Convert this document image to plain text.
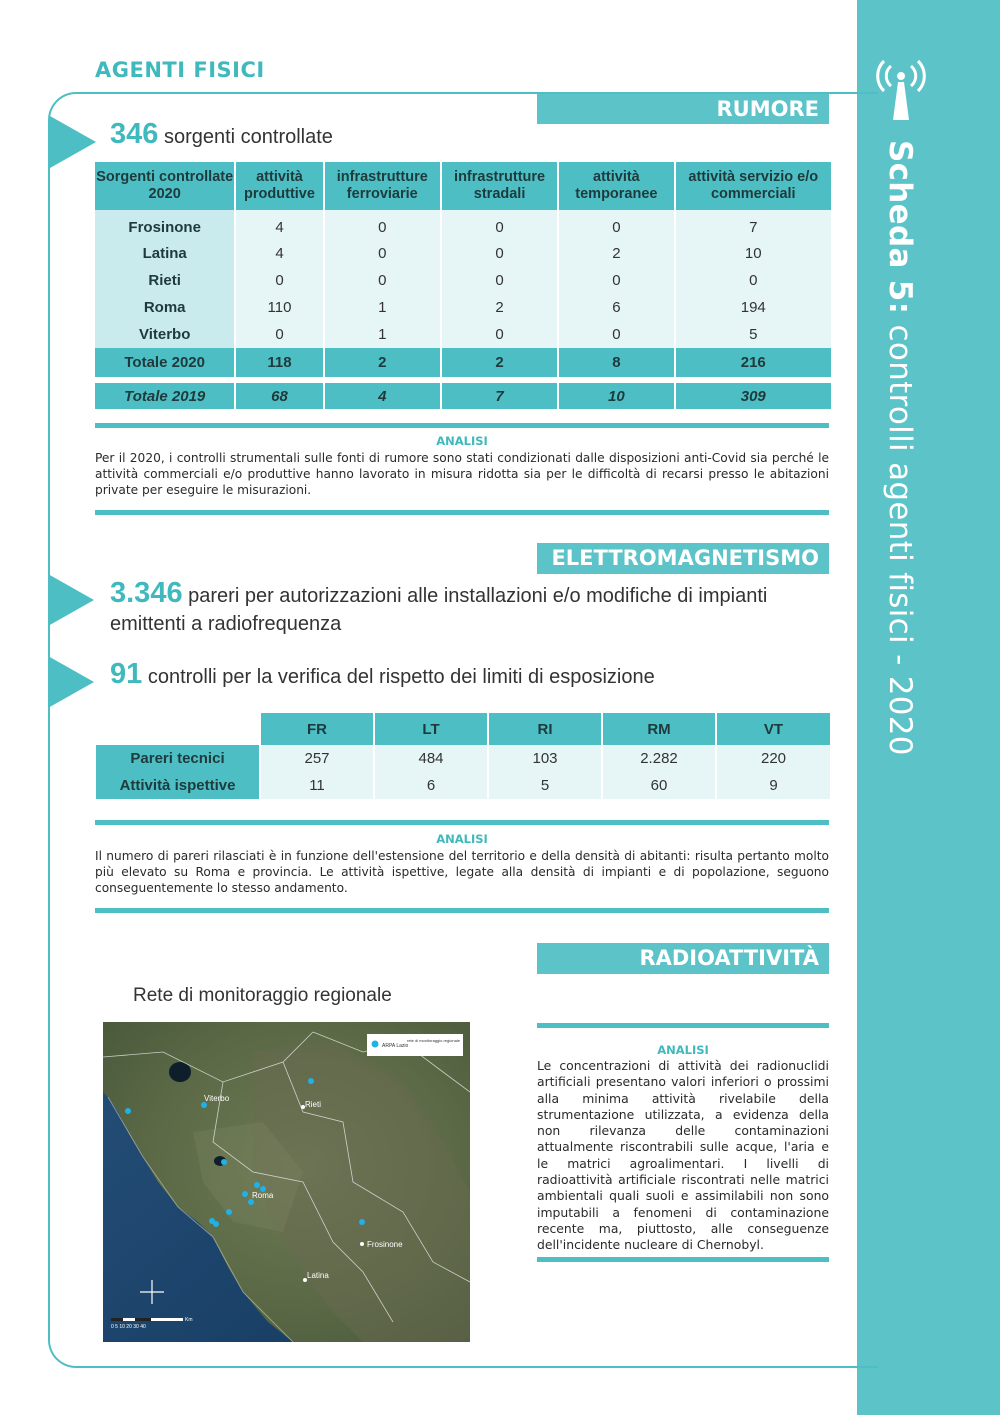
Scheda 5: controlli agenti fisici - 2020
AGENTI FISICI
RUMORE
346 sorgenti controllate
Sorgenti controllate 2020	attività produttive	infrastrutture ferroviarie	infrastrutture stradali	attività temporanee	attività servizio e/o commerciali
Frosinone	4	0	0	0	7
Latina	4	0	0	2	10
Rieti	0	0	0	0	0
Roma	110	1	2	6	194
Viterbo	0	1	0	0	5
Totale 2020	118	2	2	8	216

Totale 2019	68	4	7	10	309
ANALISI
Per il 2020, i controlli strumentali sulle fonti di rumore sono stati condizionati dalle disposizioni anti-Covid sia perché le attività commerciali e/o produttive hanno lavorato in misura ridotta sia per le difficoltà di recarsi presso le abitazioni private per eseguire le misurazioni.
ELETTROMAGNETISMO
3.346 pareri per autorizzazioni alle installazioni e/o modifiche di impianti emittenti a radiofrequenza
91 controlli per la verifica del rispetto dei limiti di esposizione
	FR	LT	RI	RM	VT
Pareri tecnici	257	484	103	2.282	220
Attività ispettive	11	6	5	60	9
ANALISI
Il numero di pareri rilasciati è in funzione dell'estensione del territorio e della densità di abitanti: risulta pertanto molto più elevato su Roma e provincia. Le attività ispettive, legate alla densità di impianti e di popolazione, seguono conseguentemente lo stesso andamento.
RADIOATTIVITÀ
Rete di monitoraggio regionale
Viterbo
Rieti
Roma
Frosinone
Latina
ARPA Lazio
rete di monitoraggio regionale
Km
0 5 10 20 30 40
ANALISI
Le concentrazioni di attività dei radionuclidi artificiali presentano valori inferiori o prossimi alla minima attività rivelabile della strumentazione utilizzata, a evidenza della non rilevanza delle contaminazioni attualmente riscontrabili sulle acque, l'aria e le matrici agroalimentari. I livelli di radioattività artificiale riscontrati nelle matrici ambientali quali suoli e assimilabili non sono imputabili a fenomeni di contaminazione recente ma, piuttosto, alle conseguenze dell'incidente nucleare di Chernobyl.
